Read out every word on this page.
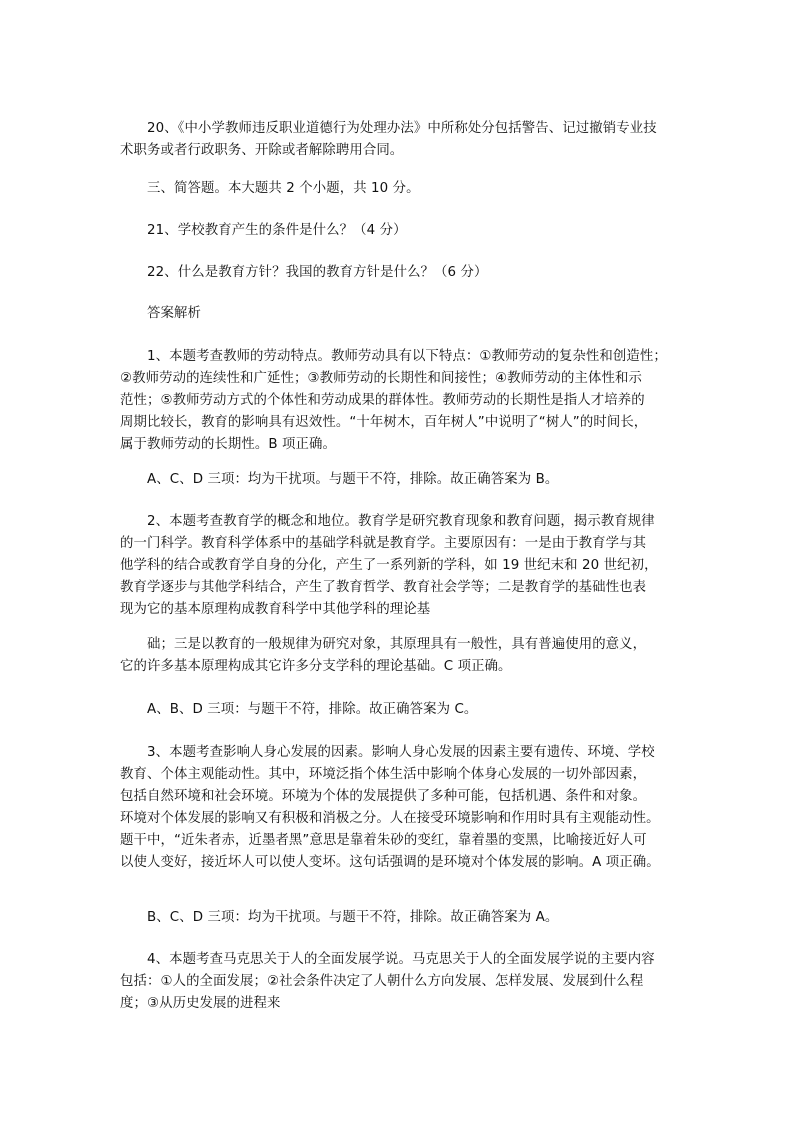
20、《中小学教师违反职业道德行为处理办法》中所称处分包括警告、记过撤销专业技
术职务或者行政职务、开除或者解除聘用合同。
三、简答题。本大题共 2 个小题，共 10 分。
21、学校教育产生的条件是什么？（4 分）
22、什么是教育方针？我国的教育方针是什么？（6 分）
答案解析
1、本题考查教师的劳动特点。教师劳动具有以下特点：①教师劳动的复杂性和创造性；
②教师劳动的连续性和广延性；③教师劳动的长期性和间接性；④教师劳动的主体性和示
范性；⑤教师劳动方式的个体性和劳动成果的群体性。教师劳动的长期性是指人才培养的
周期比较长，教育的影响具有迟效性。“十年树木，百年树人”中说明了“树人”的时间长，
属于教师劳动的长期性。B 项正确。
A、C、D 三项：均为干扰项。与题干不符，排除。故正确答案为 B。
2、本题考查教育学的概念和地位。教育学是研究教育现象和教育问题，揭示教育规律
的一门科学。教育科学体系中的基础学科就是教育学。主要原因有：一是由于教育学与其
他学科的结合或教育学自身的分化，产生了一系列新的学科，如 19 世纪末和 20 世纪初，
教育学逐步与其他学科结合，产生了教育哲学、教育社会学等；二是教育学的基础性也表
现为它的基本原理构成教育科学中其他学科的理论基
础；三是以教育的一般规律为研究对象，其原理具有一般性，具有普遍使用的意义，
它的许多基本原理构成其它许多分支学科的理论基础。C 项正确。
A、B、D 三项：与题干不符，排除。故正确答案为 C。
3、本题考查影响人身心发展的因素。影响人身心发展的因素主要有遗传、环境、学校
教育、个体主观能动性。其中，环境泛指个体生活中影响个体身心发展的一切外部因素，
包括自然环境和社会环境。环境为个体的发展提供了多种可能，包括机遇、条件和对象。
环境对个体发展的影响又有积极和消极之分。人在接受环境影响和作用时具有主观能动性。
题干中，“近朱者赤，近墨者黑”意思是靠着朱砂的变红，靠着墨的变黑，比喻接近好人可
以使人变好，接近坏人可以使人变坏。这句话强调的是环境对个体发展的影响。A 项正确。
B、C、D 三项：均为干扰项。与题干不符，排除。故正确答案为 A。
4、本题考查马克思关于人的全面发展学说。马克思关于人的全面发展学说的主要内容
包括：①人的全面发展；②社会条件决定了人朝什么方向发展、怎样发展、发展到什么程
度；③从历史发展的进程来
